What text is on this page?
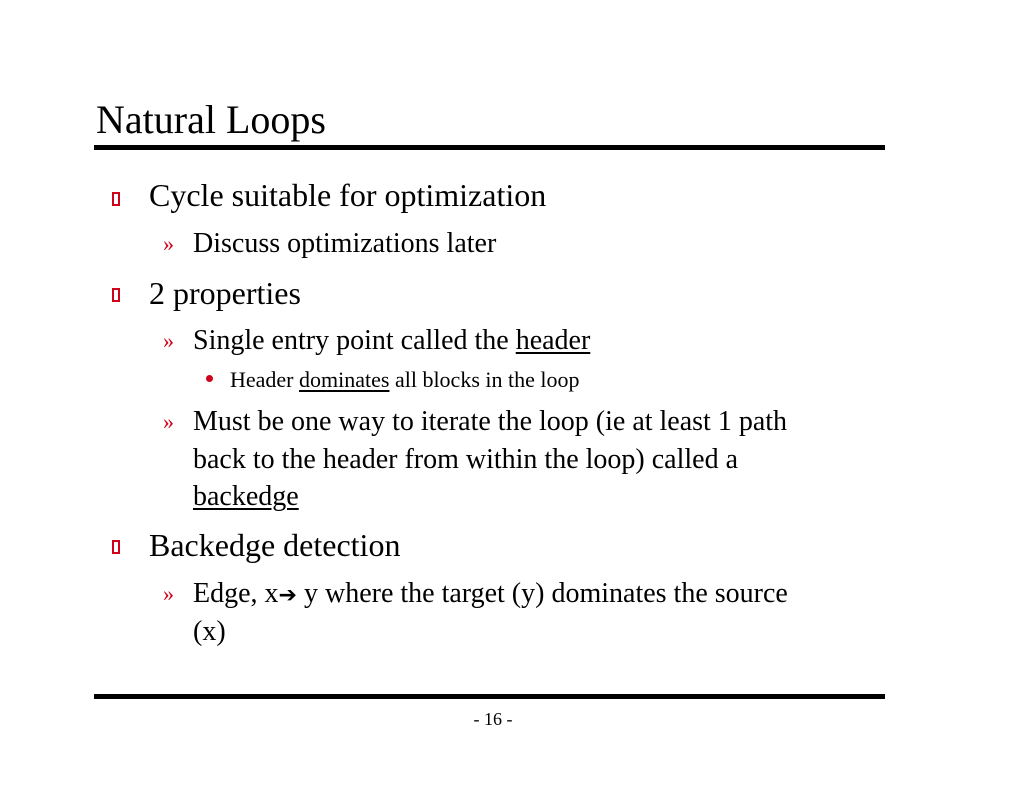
Natural Loops
Cycle suitable for optimization
» Discuss optimizations later
2 properties
» Single entry point called the header
Header dominates all blocks in the loop
» Must be one way to iterate the loop (ie at least 1 path
back to the header from within the loop) called a
backedge
Backedge detection
» Edge, x➔ y where the target (y) dominates the source
(x)
- 16 -
